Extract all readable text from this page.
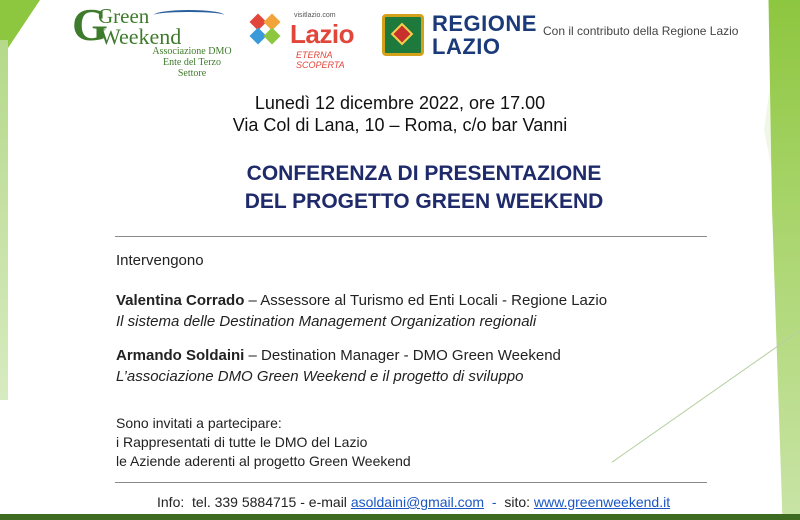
G
Green
Weekend
Associazione DMO
Ente del Terzo Settore
visitlazio.com
Lazio
ETERNA SCOPERTA
REGIONE
LAZIO
Con il contributo della Regione Lazio
Lunedì 12 dicembre 2022, ore 17.00
Via Col di Lana, 10 – Roma, c/o bar Vanni
CONFERENZA DI PRESENTAZIONE
DEL PROGETTO GREEN WEEKEND
Intervengono
Valentina Corrado – Assessore al Turismo ed Enti Locali - Regione Lazio
Il sistema delle Destination Management Organization regionali
Armando Soldaini – Destination Manager - DMO Green Weekend
L’associazione DMO Green Weekend e il progetto di sviluppo
Sono invitati a partecipare:
i Rappresentati di tutte le DMO del Lazio
le Aziende aderenti al progetto Green Weekend
Info: tel. 339 5884715 - e-mail asoldaini@gmail.com - sito: www.greenweekend.it
